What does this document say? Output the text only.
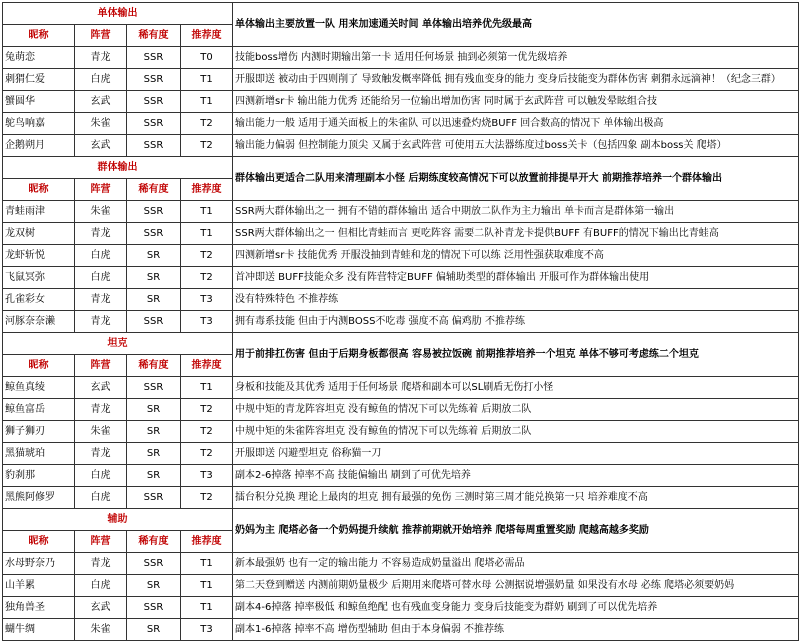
单体输出				单体输出主要放置一队 用来加速通关时间 单体输出培养优先级最高
昵称	阵营	稀有度	推荐度	
兔萌恋	青龙	SSR	T0	技能boss增伤 内测时期输出第一卡 适用任何场景 抽到必须第一优先级培养
刺猬仁爱	白虎	SSR	T1	开服即送 被动由于四则削了 导致触发概率降低 拥有残血变身的能力 变身后技能变为群体伤害 刺猬永远滴神！（纪念三群）
蟹圆华	玄武	SSR	T1	四测新增sr卡 输出能力优秀 还能给另一位输出增加伤害 同时属于玄武阵营 可以触发晕眩组合技
鸵鸟响嘉	朱雀	SSR	T2	输出能力一般 适用于通关面板上的朱雀队 可以迅速叠灼烧BUFF 回合数高的情况下 单体输出极高
企鹅朔月	玄武	SSR	T2	输出能力偏弱 但控制能力顶尖 又属于玄武阵营 可使用五大法器练度过boss关卡（包括四象 副本boss关 爬塔）
群体输出				群体输出更适合二队用来清理副本小怪 后期练度较高情况下可以放置前排提早开大 前期推荐培养一个群体输出
昵称	阵营	稀有度	推荐度	
青蛙雨津	朱雀	SSR	T1	SSR两大群体输出之一 拥有不错的群体输出 适合中期放二队作为主力输出 单卡而言是群体第一输出
龙双树	青龙	SSR	T1	SSR两大群体输出之一 但相比青蛙而言 更吃阵容 需要二队补青龙卡提供BUFF 有BUFF的情况下输出比青蛙高
龙虾斩悦	白虎	SR	T2	四测新增sr卡 技能优秀 开服没抽到青蛙和龙的情况下可以练 泛用性强获取难度不高
飞鼠冥弥	白虎	SR	T2	首冲即送 BUFF技能众多 没有阵营特定BUFF 偏辅助类型的群体输出 开服可作为群体输出使用
孔雀彩女	青龙	SR	T3	没有特殊特色 不推荐练
河豚奈奈濑	青龙	SSR	T3	拥有毒系技能 但由于内测BOSS不吃毒 强度不高 偏鸡肋 不推荐练
坦克				用于前排扛伤害 但由于后期身板都很高 容易被拉饭碗 前期推荐培养一个坦克 单体不够可考虑练二个坦克
昵称	阵营	稀有度	推荐度	
鲸鱼真绫	玄武	SSR	T1	身板和技能及其优秀 适用于任何场景 爬塔和副本可以SL刷盾无伤打小怪
鲸鱼富岳	青龙	SR	T2	中规中矩的青龙阵容坦克 没有鲸鱼的情况下可以先练着 后期放二队
狮子狮刃	朱雀	SR	T2	中规中矩的朱雀阵容坦克 没有鲸鱼的情况下可以先练着 后期放二队
黑猫琥珀	青龙	SR	T2	开服即送 闪避型坦克 俗称猫一刀
豹刹那	白虎	SR	T3	副本2-6掉落 掉率不高 技能偏输出 刷到了可优先培养
黑熊阿修罗	白虎	SSR	T2	擂台积分兑换 理论上最肉的坦克 拥有最强的免伤 三测时第三周才能兑换第一只 培养难度不高
辅助				奶妈为主 爬塔必备一个奶妈提升续航 推荐前期就开始培养 爬塔每周重置奖励 爬越高越多奖励
昵称	阵营	稀有度	推荐度	
水母野奈乃	青龙	SSR	T1	新本最强奶 也有一定的输出能力 不容易造成奶量溢出 爬塔必需品
山羊累	白虎	SR	T1	第二天登到赠送 内测前期奶量极少 后期用来爬塔可替水母 公测据说增强奶量 如果没有水母 必练 爬塔必须要奶妈
独角兽圣	玄武	SSR	T1	副本4-6掉落 掉率极低 和鲸鱼绝配 也有残血变身能力 变身后技能变为群奶 刷到了可以优先培养
蝴牛绸	朱雀	SR	T3	副本1-6掉落 掉率不高 增伤型辅助 但由于本身偏弱 不推荐练
